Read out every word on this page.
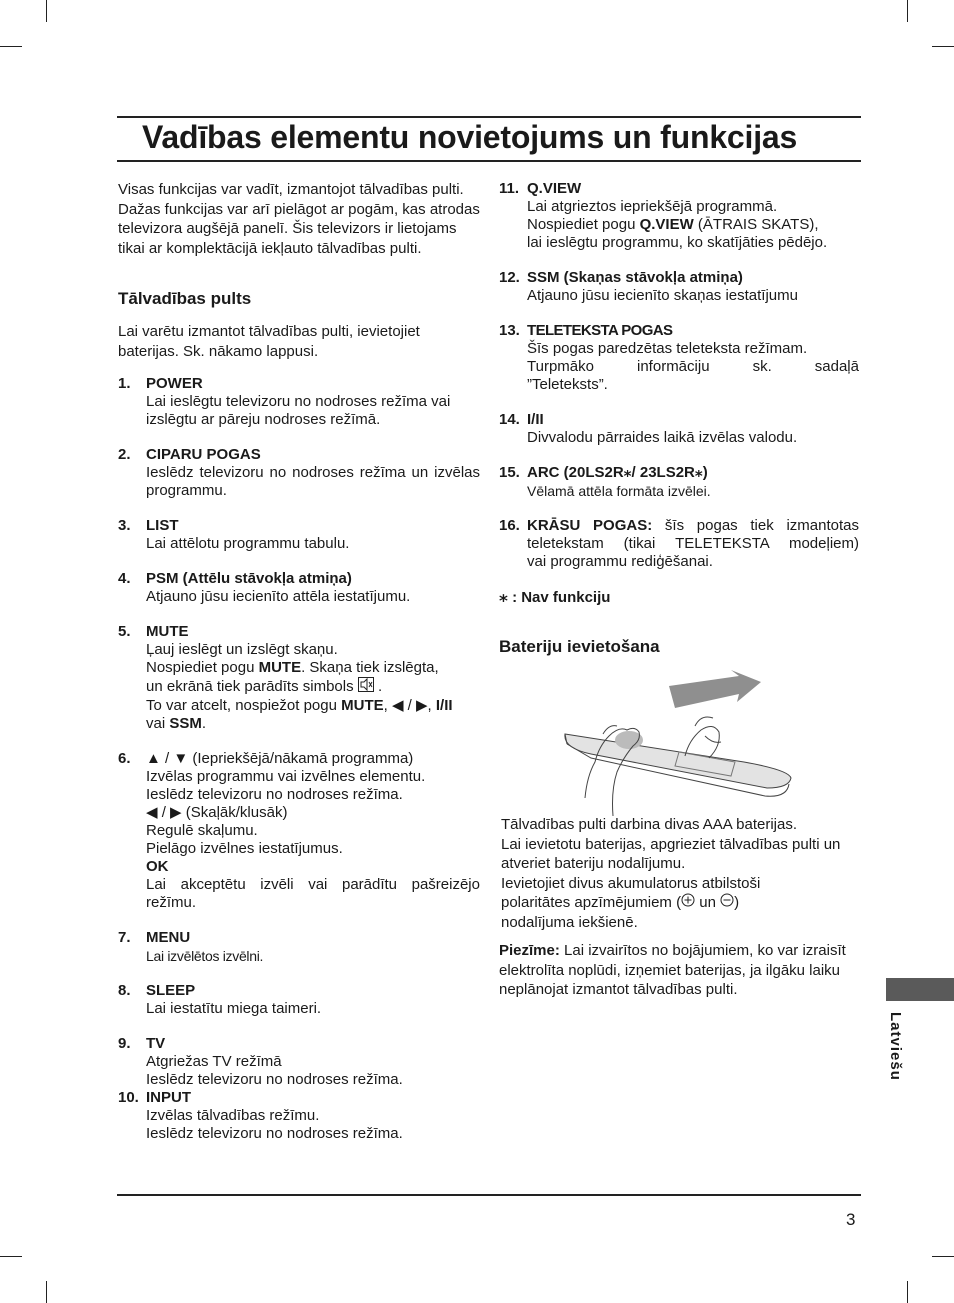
Vadības elementu novietojums un funkcijas

Visas funkcijas var vadīt, izmantojot tālvadības pulti.

Dažas funkcijas var arī pielāgot ar pogām, kas atrodas televizora augšējā panelī. Šis televizors ir lietojams tikai ar komplektācijā iekļauto tālvadības pulti.

Tālvadības pults

Lai varētu izmantot tālvadības pulti, ievietojiet baterijas. Sk. nākamo lappusi.

1. POWER
Lai ieslēgtu televizoru no nodroses režīma vai izslēgtu ar pāreju nodroses režīmā.
2. CIPARU POGAS
Ieslēdz televizoru no nodroses režīma un izvēlas programmu.
3. LIST
Lai attēlotu programmu tabulu.
4. PSM (Attēlu stāvokļa atmiņa)
Atjauno jūsu iecienīto attēla iestatījumu.
5. MUTE
Ļauj ieslēgt un izslēgt skaņu.
Nospiediet pogu MUTE. Skaņa tiek izslēgta,
un ekrānā tiek parādīts simbols  .
To var atcelt, nospiežot pogu MUTE, ◀ / ▶, I/II
vai SSM.
6. ▲ / ▼ (Iepriekšējā/nākamā programma)
Izvēlas programmu vai izvēlnes elementu.
Ieslēdz televizoru no nodroses režīma.
◀ / ▶ (Skaļāk/klusāk)
Regulē skaļumu.
Pielāgo izvēlnes iestatījumus.
OK
Lai akceptētu izvēli vai parādītu pašreizējo režīmu.
7. MENU
Lai izvēlētos izvēlni.
8. SLEEP
Lai iestatītu miega taimeri.
9. TV
Atgriežas TV režīmā
Ieslēdz televizoru no nodroses režīma.
10. INPUT
Izvēlas tālvadības režīmu.
Ieslēdz televizoru no nodroses režīma.
11. Q.VIEW
Lai atgrieztos iepriekšējā programmā.
Nospiediet pogu Q.VIEW (ĀTRAIS SKATS),
lai ieslēgtu programmu, ko skatījāties pēdējo.
12. SSM (Skaņas stāvokļa atmiņa)
Atjauno jūsu iecienīto skaņas iestatījumu
13. TELETEKSTA POGAS
Šīs pogas paredzētas teleteksta režīmam.
Turpmāko informāciju sk. sadaļā
”Teleteksts”.
14. I/II
Divvalodu pārraides laikā izvēlas valodu.
15. ARC (20LS2R⁎/ 23LS2R⁎)
Vēlamā attēla formāta izvēlei.
16. KRĀSU POGAS: šīs pogas tiek izmantotas
teletekstam (tikai TELETEKSTA modeļiem)
vai programmu rediģēšanai.

⁎ : Nav funkciju

Bateriju ievietošana

Tālvadības pulti darbina divas AAA baterijas.

Lai ievietotu baterijas, apgrieziet tālvadības pulti un atveriet bateriju nodalījumu.

Ievietojiet divus akumulatorus atbilstoši

polaritātes apzīmējumiem ( un )

nodalījuma iekšienē.

Piezīme: Lai izvairītos no bojājumiem, ko var izraisīt elektrolīta noplūdi, izņemiet baterijas, ja ilgāku laiku neplānojat izmantot tālvadības pulti.

Latviešu
3
